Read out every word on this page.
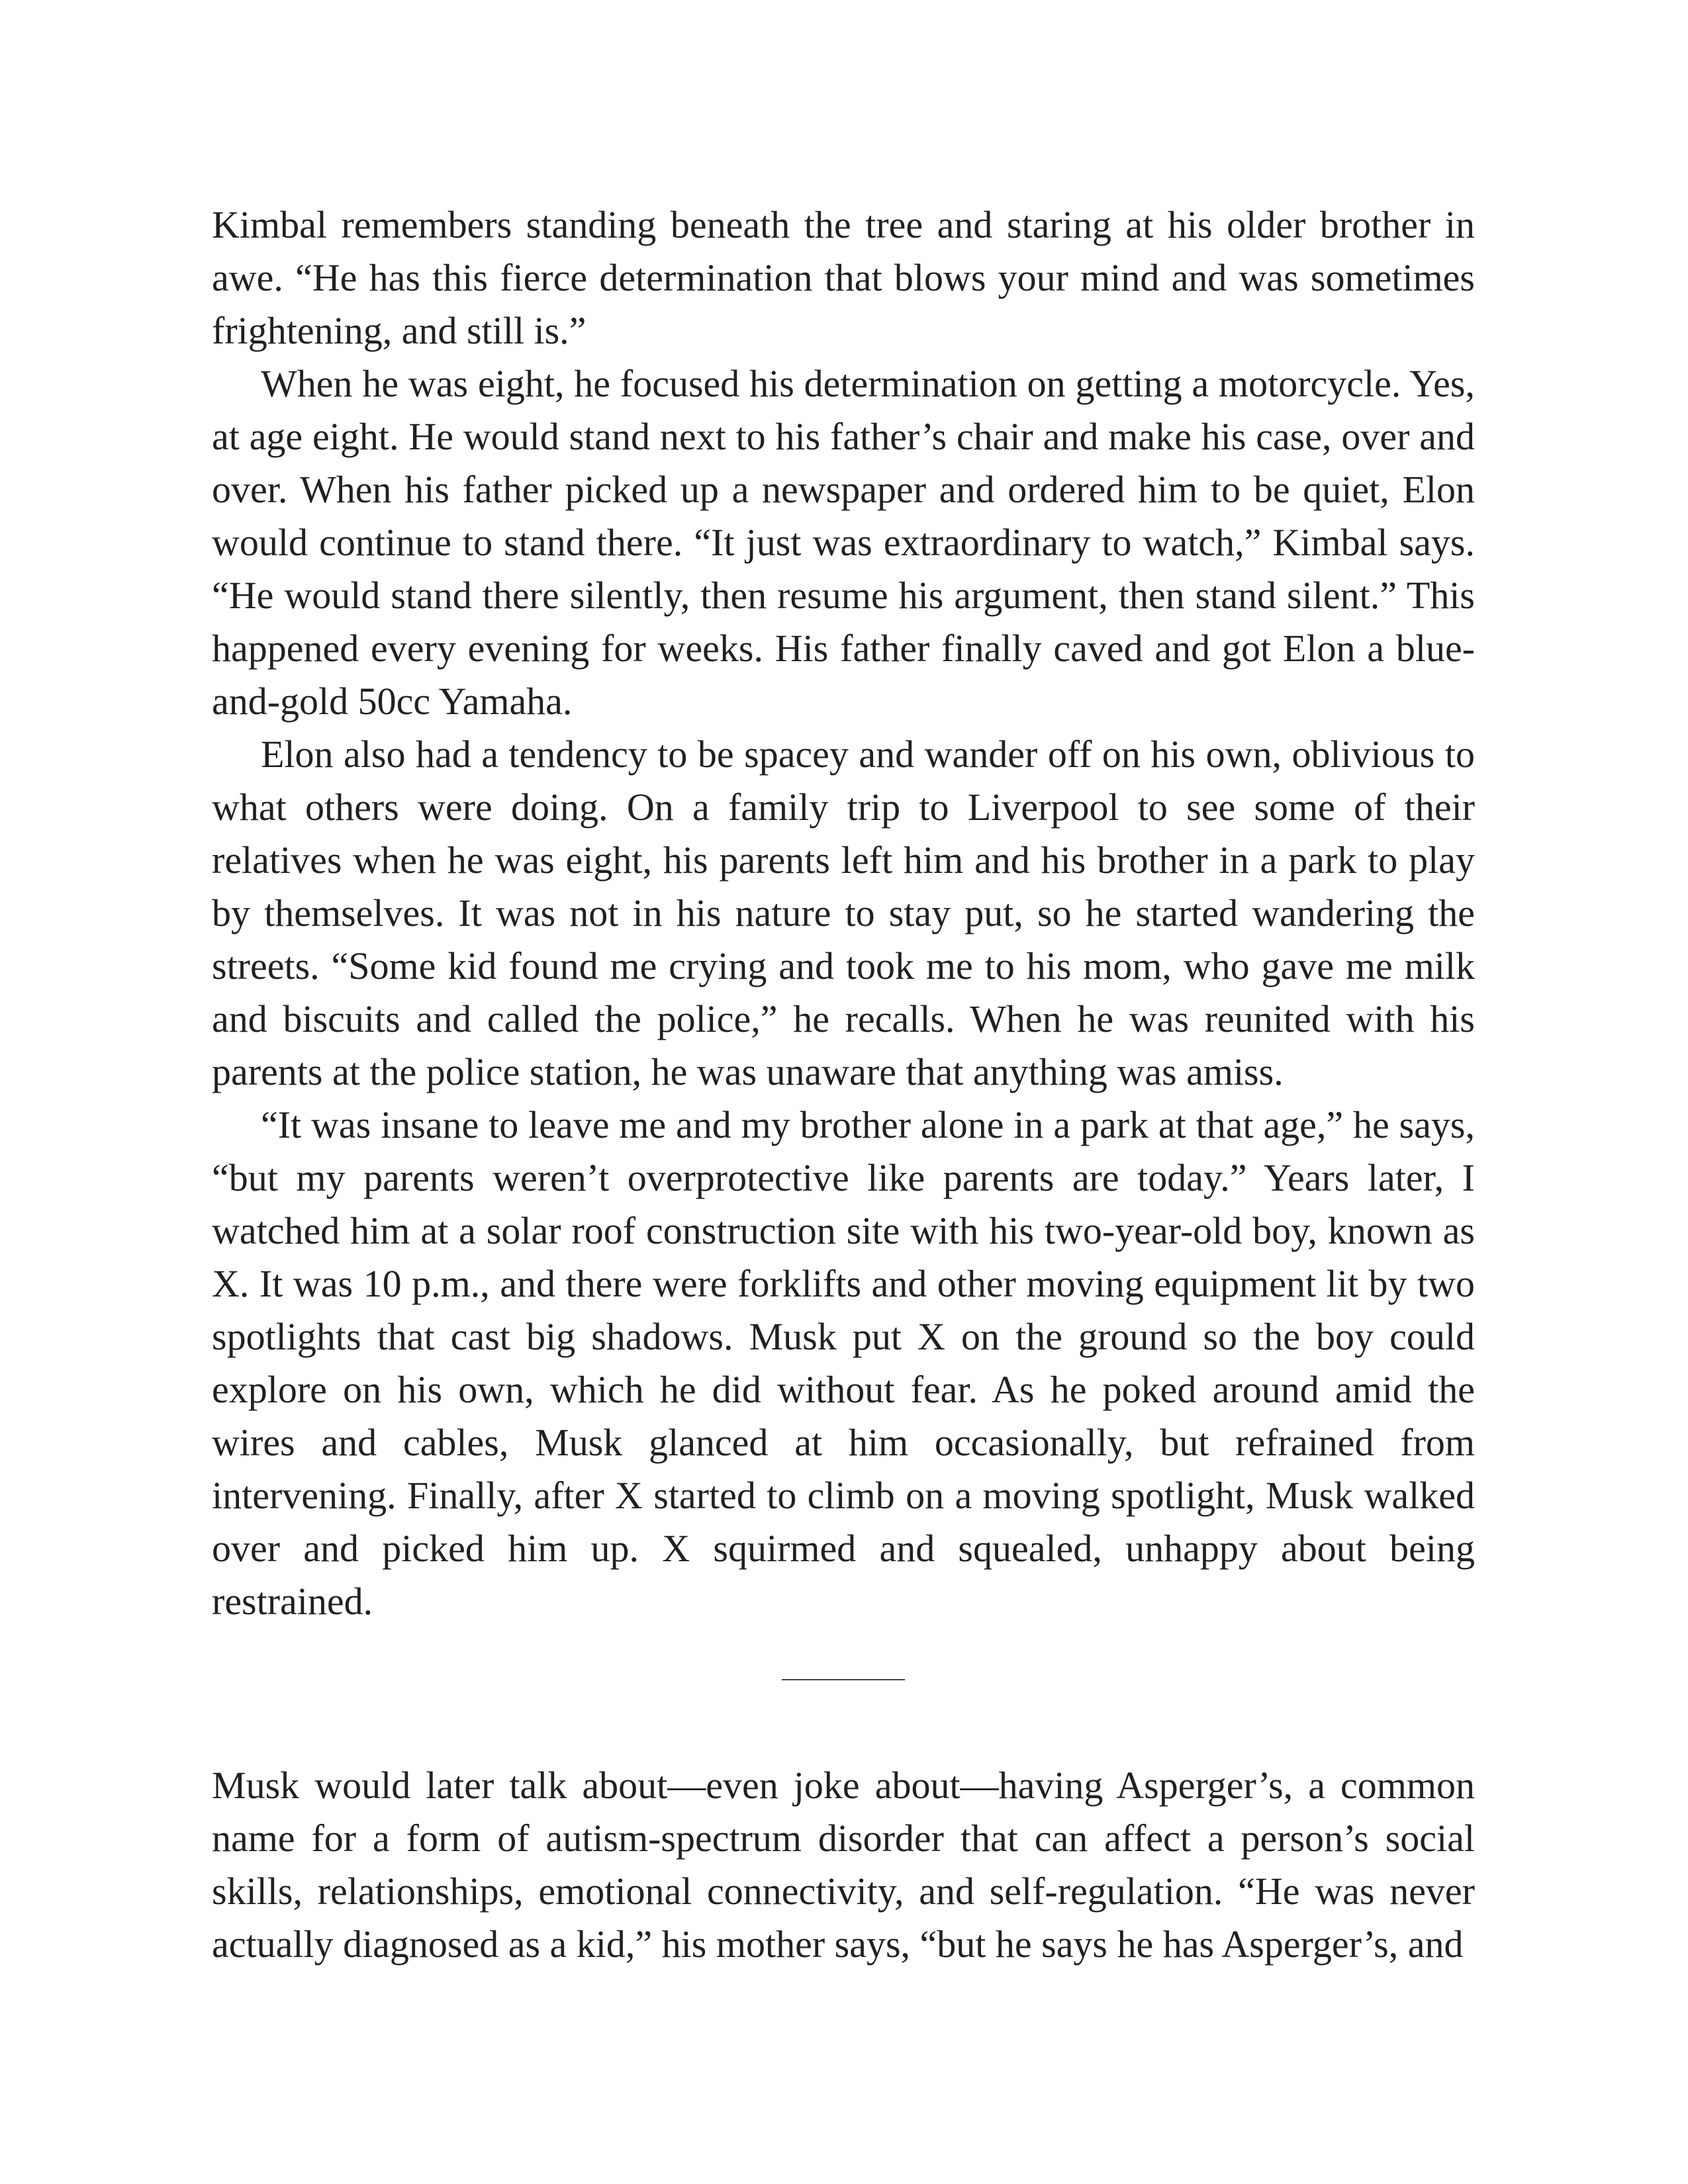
Kimbal remembers standing beneath the tree and staring at his older brother in awe. “He has this fierce determination that blows your mind and was sometimes frightening, and still is.”

When he was eight, he focused his determination on getting a motorcycle. Yes, at age eight. He would stand next to his father’s chair and make his case, over and over. When his father picked up a newspaper and ordered him to be quiet, Elon would continue to stand there. “It just was extraordinary to watch,” Kimbal says. “He would stand there silently, then resume his argument, then stand silent.” This happened every evening for weeks. His father finally caved and got Elon a blue-and-gold 50cc Yamaha.

Elon also had a tendency to be spacey and wander off on his own, oblivious to what others were doing. On a family trip to Liverpool to see some of their relatives when he was eight, his parents left him and his brother in a park to play by themselves. It was not in his nature to stay put, so he started wandering the streets. “Some kid found me crying and took me to his mom, who gave me milk and biscuits and called the police,” he recalls. When he was reunited with his parents at the police station, he was unaware that anything was amiss.

“It was insane to leave me and my brother alone in a park at that age,” he says, “but my parents weren’t overprotective like parents are today.” Years later, I watched him at a solar roof construction site with his two-year-old boy, known as X. It was 10 p.m., and there were forklifts and other moving equipment lit by two spotlights that cast big shadows. Musk put X on the ground so the boy could explore on his own, which he did without fear. As he poked around amid the wires and cables, Musk glanced at him occasionally, but refrained from intervening. Finally, after X started to climb on a moving spotlight, Musk walked over and picked him up. X squirmed and squealed, unhappy about being restrained.

Musk would later talk about—even joke about—having Asperger’s, a common name for a form of autism-spectrum disorder that can affect a person’s social skills, relationships, emotional connectivity, and self-regulation. “He was never actually diagnosed as a kid,” his mother says, “but he says he has Asperger’s, and
